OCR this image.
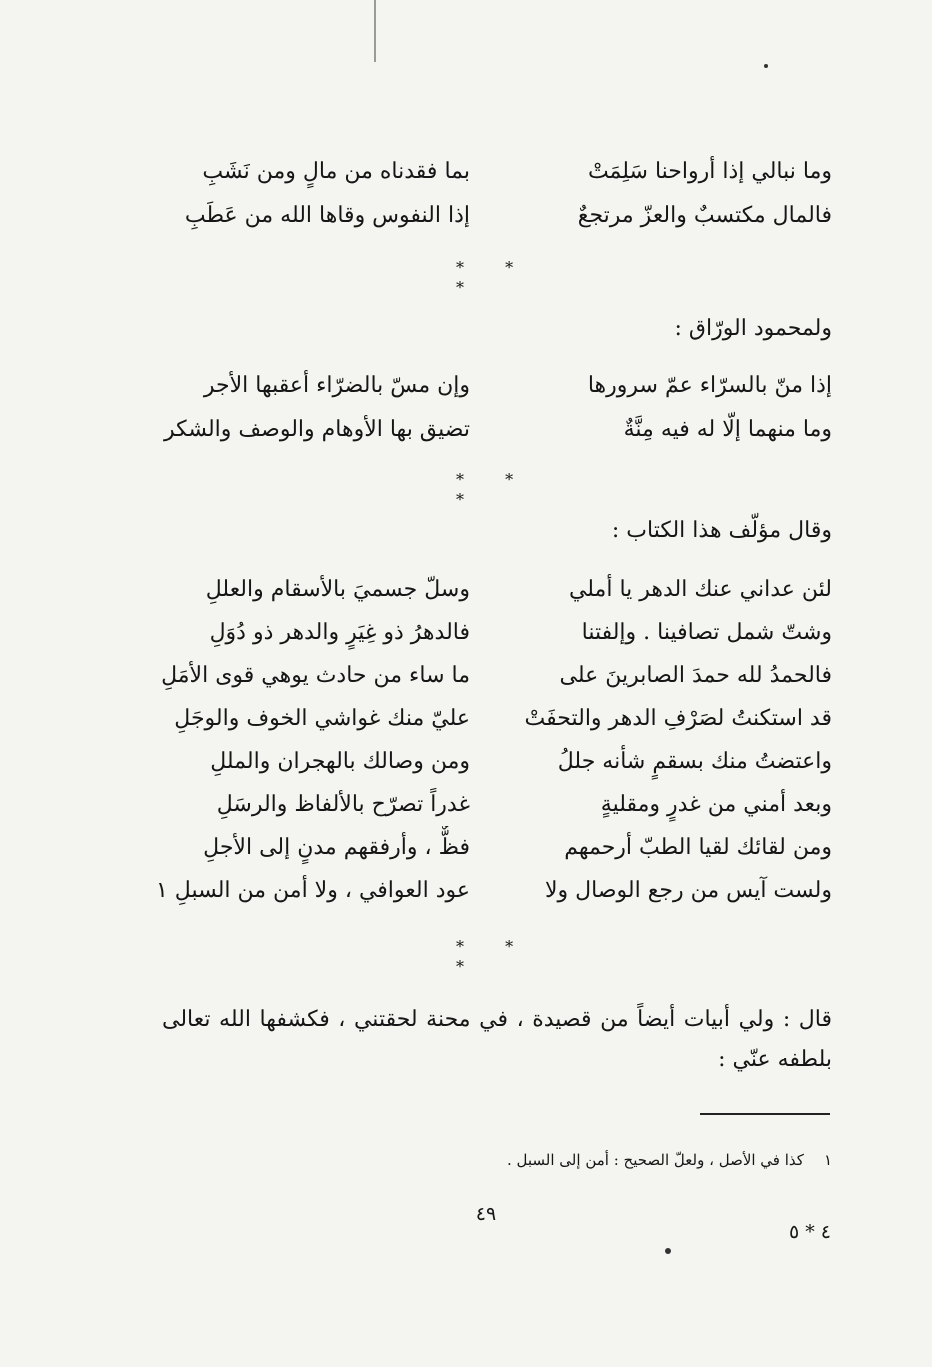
وما نبالي إذا أرواحنا سَلِمَتْ
بما فقدناه من مالٍ ومن نَشَبِ
فالمال مكتسبٌ والعزّ مرتجعٌ
إذا النفوس وقاها الله من عَطَبِ
* * *
ولمحمود الورّاق :
إذا منّ بالسرّاء عمّ سرورها
وإن مسّ بالضرّاء أعقبها الأجر
وما منهما إلّا له فيه مِنَّةٌ
تضيق بها الأوهام والوصف والشكر
* * *
وقال مؤلّف هذا الكتاب :
لئن عداني عنك الدهر يا أملي
وسلّ جسميَ بالأسقام والعللِ
وشتّ شمل تصافينا . وإلفتنا
فالدهرُ ذو غِيَرٍ والدهر ذو دُوَلِ
فالحمدُ لله حمدَ الصابرينَ على
ما ساء من حادث يوهي قوى الأمَلِ
قد استكنتُ لصَرْفِ الدهر والتحفَتْ
عليّ منك غواشي الخوف والوجَلِ
واعتضتُ منك بسقمٍ شأنه جللُ
ومن وصالك بالهجران والمللِ
وبعد أمني من غدرٍ ومقليةٍ
غدراً تصرّح بالألفاظ والرسَلِ
ومن لقائك لقيا الطبّ أرحمهم
فظٌّ ، وأرفقهم مدنٍ إلى الأجلِ
ولست آيس من رجع الوصال ولا
عود العوافي ، ولا أمن من السبلِ ١
* * *
قال : ولي أبيات أيضاً من قصيدة ، في محنة لحقتني ، فكشفها الله تعالى بلطفه عنّي :
١كذا في الأصل ، ولعلّ الصحيح : أمن إلى السبل .
٤٩
٤ * ٥
